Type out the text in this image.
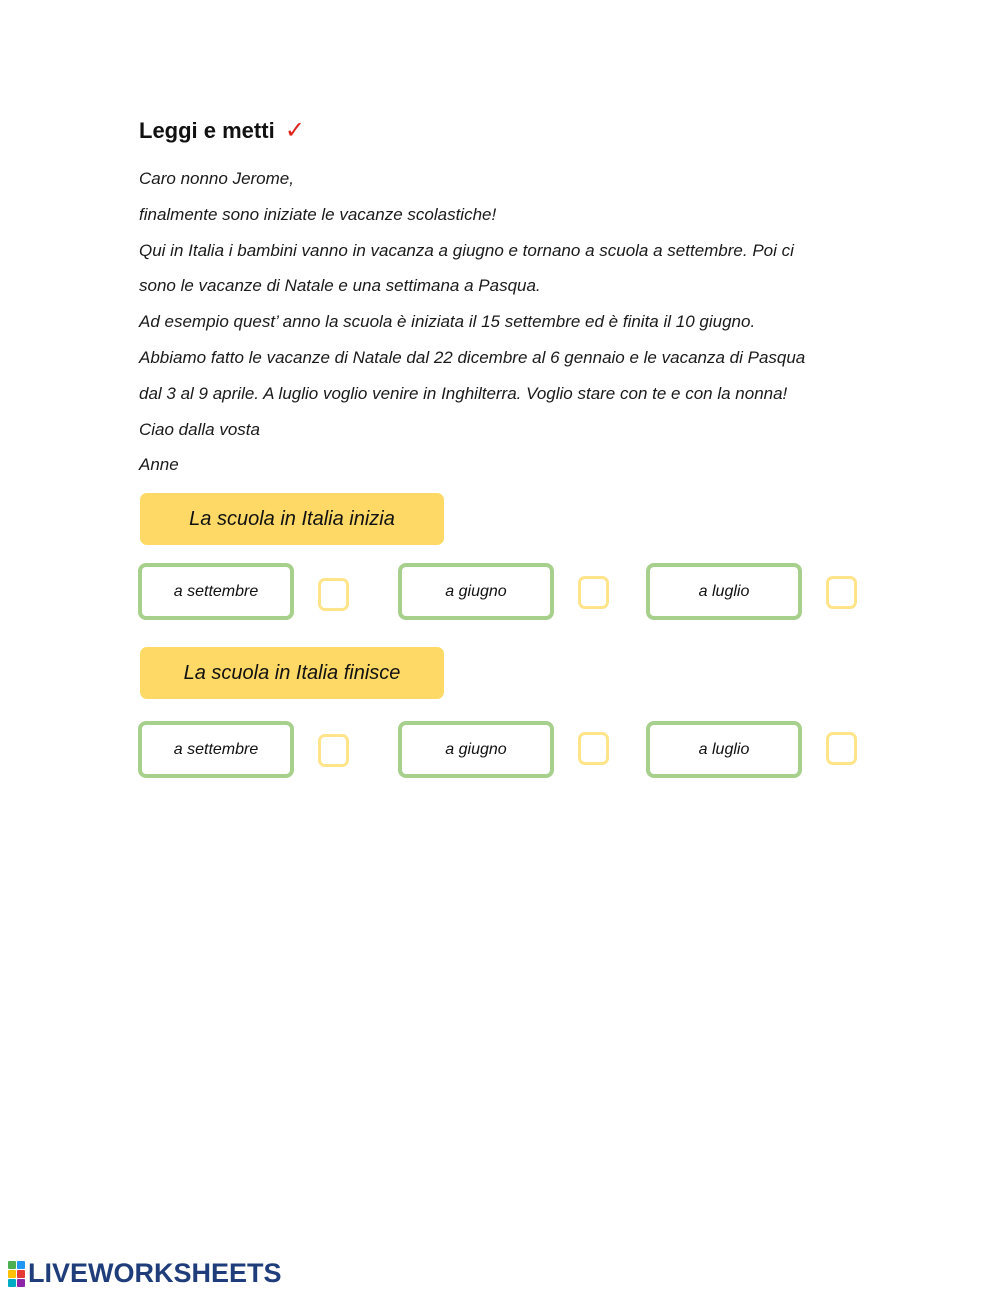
Leggi e metti ✓

Caro nonno Jerome,

finalmente sono iniziate le vacanze scolastiche!

Qui in Italia i bambini vanno in vacanza a giugno e tornano a scuola a settembre. Poi ci

sono le vacanze di Natale e una settimana a Pasqua.

Ad esempio quest’ anno la scuola è iniziata il 15 settembre ed è finita il 10 giugno.

Abbiamo fatto le vacanze di Natale dal 22 dicembre al 6 gennaio e le vacanza di Pasqua

dal 3 al 9 aprile. A luglio voglio venire in Inghilterra. Voglio stare con te e con la nonna!

Ciao dalla vosta

Anne

La scuola in Italia inizia
a settembre	a giugno	a luglio
La scuola in Italia finisce
a settembre	a giugno	a luglio
LIVEWORKSHEETS
